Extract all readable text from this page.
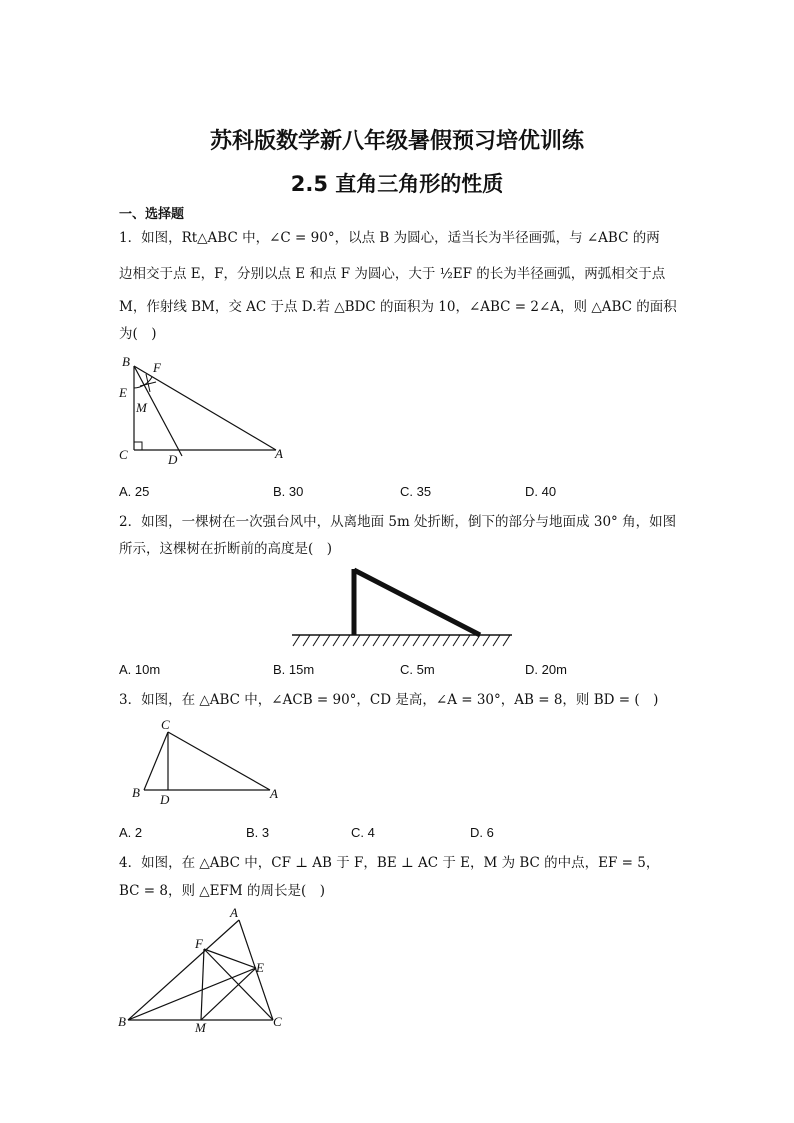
苏科版数学新八年级暑假预习培优训练
2.5 直角三角形的性质
一、选择题
1．如图，Rt△ABC 中，∠C = 90°，以点 B 为圆心，适当长为半径画弧，与 ∠ABC 的两
边相交于点 E，F，分别以点 E 和点 F 为圆心，大于 ½EF 的长为半径画弧，两弧相交于点
M，作射线 BM，交 AC 于点 D.若 △BDC 的面积为 10，∠ABC = 2∠A，则 △ABC 的面积
为(　)
B F
E
M
C	D	A
A. 25	B. 30	C. 35	D. 40
2．如图，一棵树在一次强台风中，从离地面 5m 处折断，倒下的部分与地面成 30° 角，如图
所示，这棵树在折断前的高度是(　)
A. 10m	B. 15m	C. 5m	D. 20m
3．如图，在 △ABC 中，∠ACB = 90°，CD 是高，∠A = 30°，AB = 8，则 BD = (　)
C
B D	A
A. 2	B. 3	C. 4	D. 6
4．如图，在 △ABC 中，CF ⊥ AB 于 F，BE ⊥ AC 于 E，M 为 BC 的中点，EF = 5，
BC = 8，则 △EFM 的周长是(　)
A
F
E
B	M	C
